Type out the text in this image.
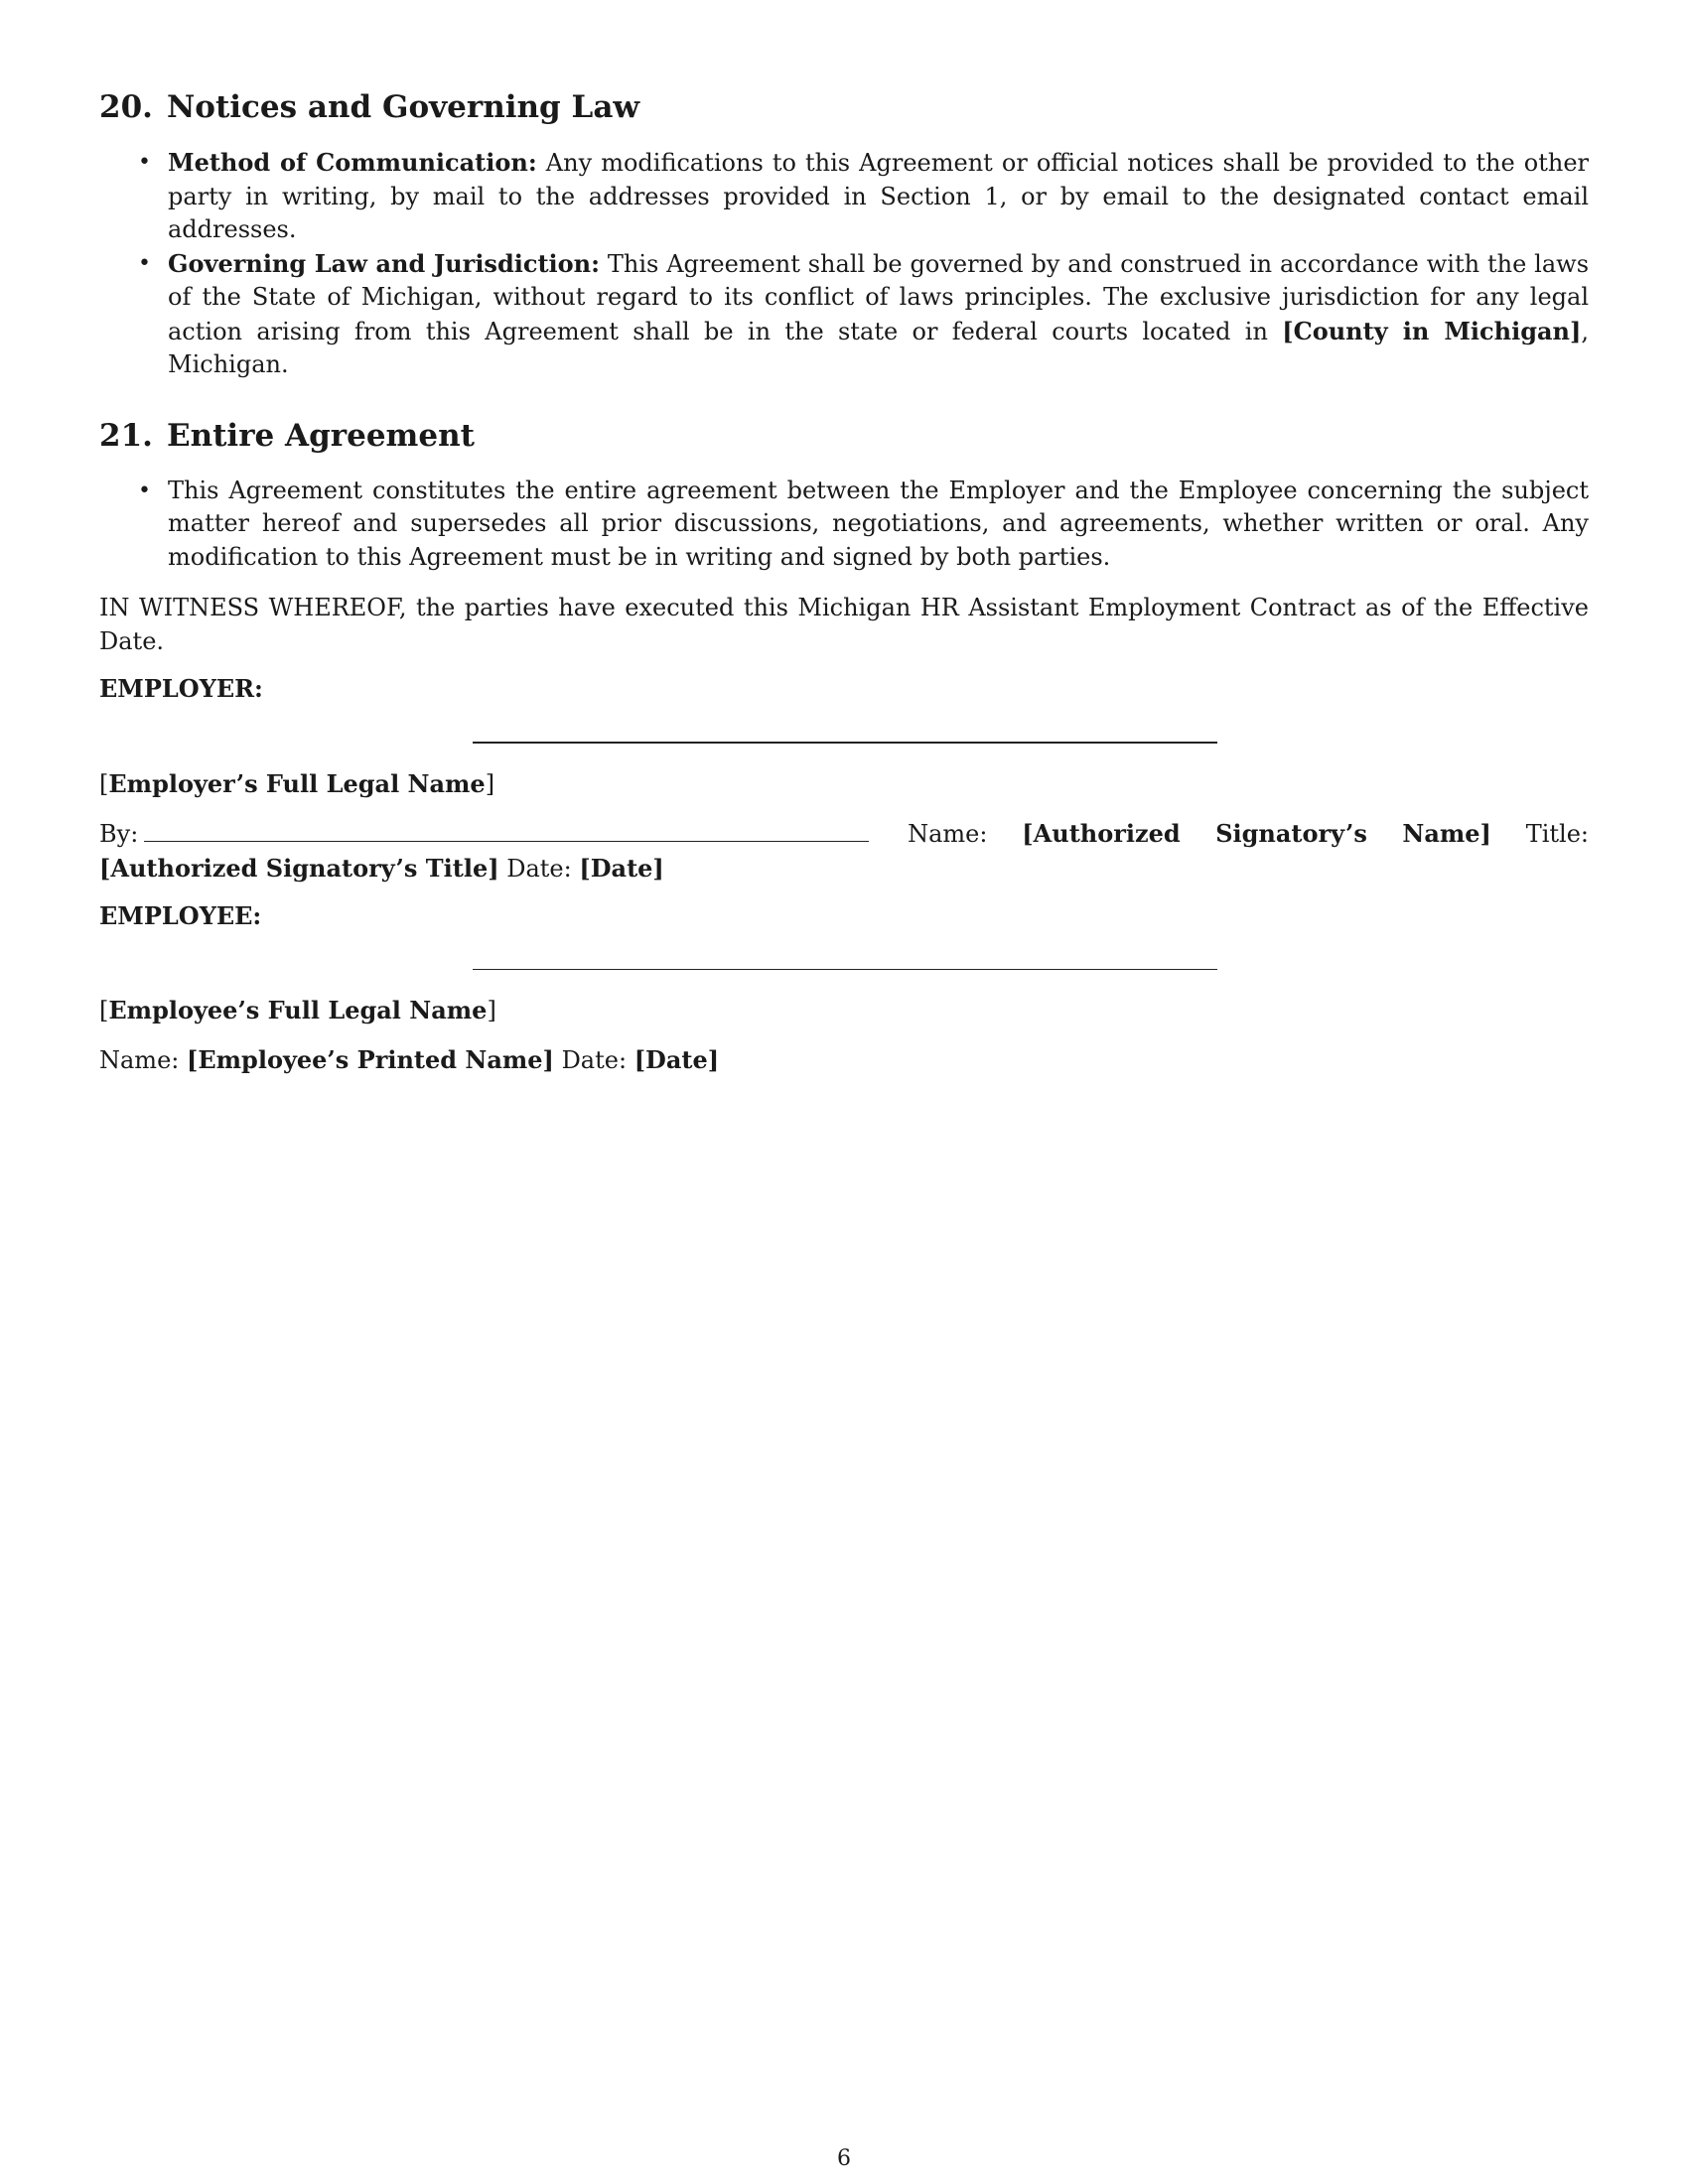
20. Notices and Governing Law
• Method of Communication: Any modifications to this Agreement or official notices shall be provided to the other party in writing, by mail to the addresses provided in Section 1, or by email to the designated contact email addresses.
• Governing Law and Jurisdiction: This Agreement shall be governed by and construed in accordance with the laws of the State of Michigan, without regard to its conflict of laws principles. The exclusive jurisdiction for any legal action arising from this Agreement shall be in the state or federal courts located in [County in Michigan], Michigan.
21. Entire Agreement
• This Agreement constitutes the entire agreement between the Employer and the Employee concerning the subject matter hereof and supersedes all prior discussions, negotiations, and agreements, whether written or oral. Any modification to this Agreement must be in writing and signed by both parties.

IN WITNESS WHEREOF, the parties have executed this Michigan HR Assistant Employment Contract as of the Effective Date.

EMPLOYER:
[Employer’s Full Legal Name]
By:	Name: [Authorized Signatory’s Name] Title: [Authorized Signatory’s Title] Date: [Date]
EMPLOYEE:
[Employee’s Full Legal Name]
Name: [Employee’s Printed Name] Date: [Date]
6
